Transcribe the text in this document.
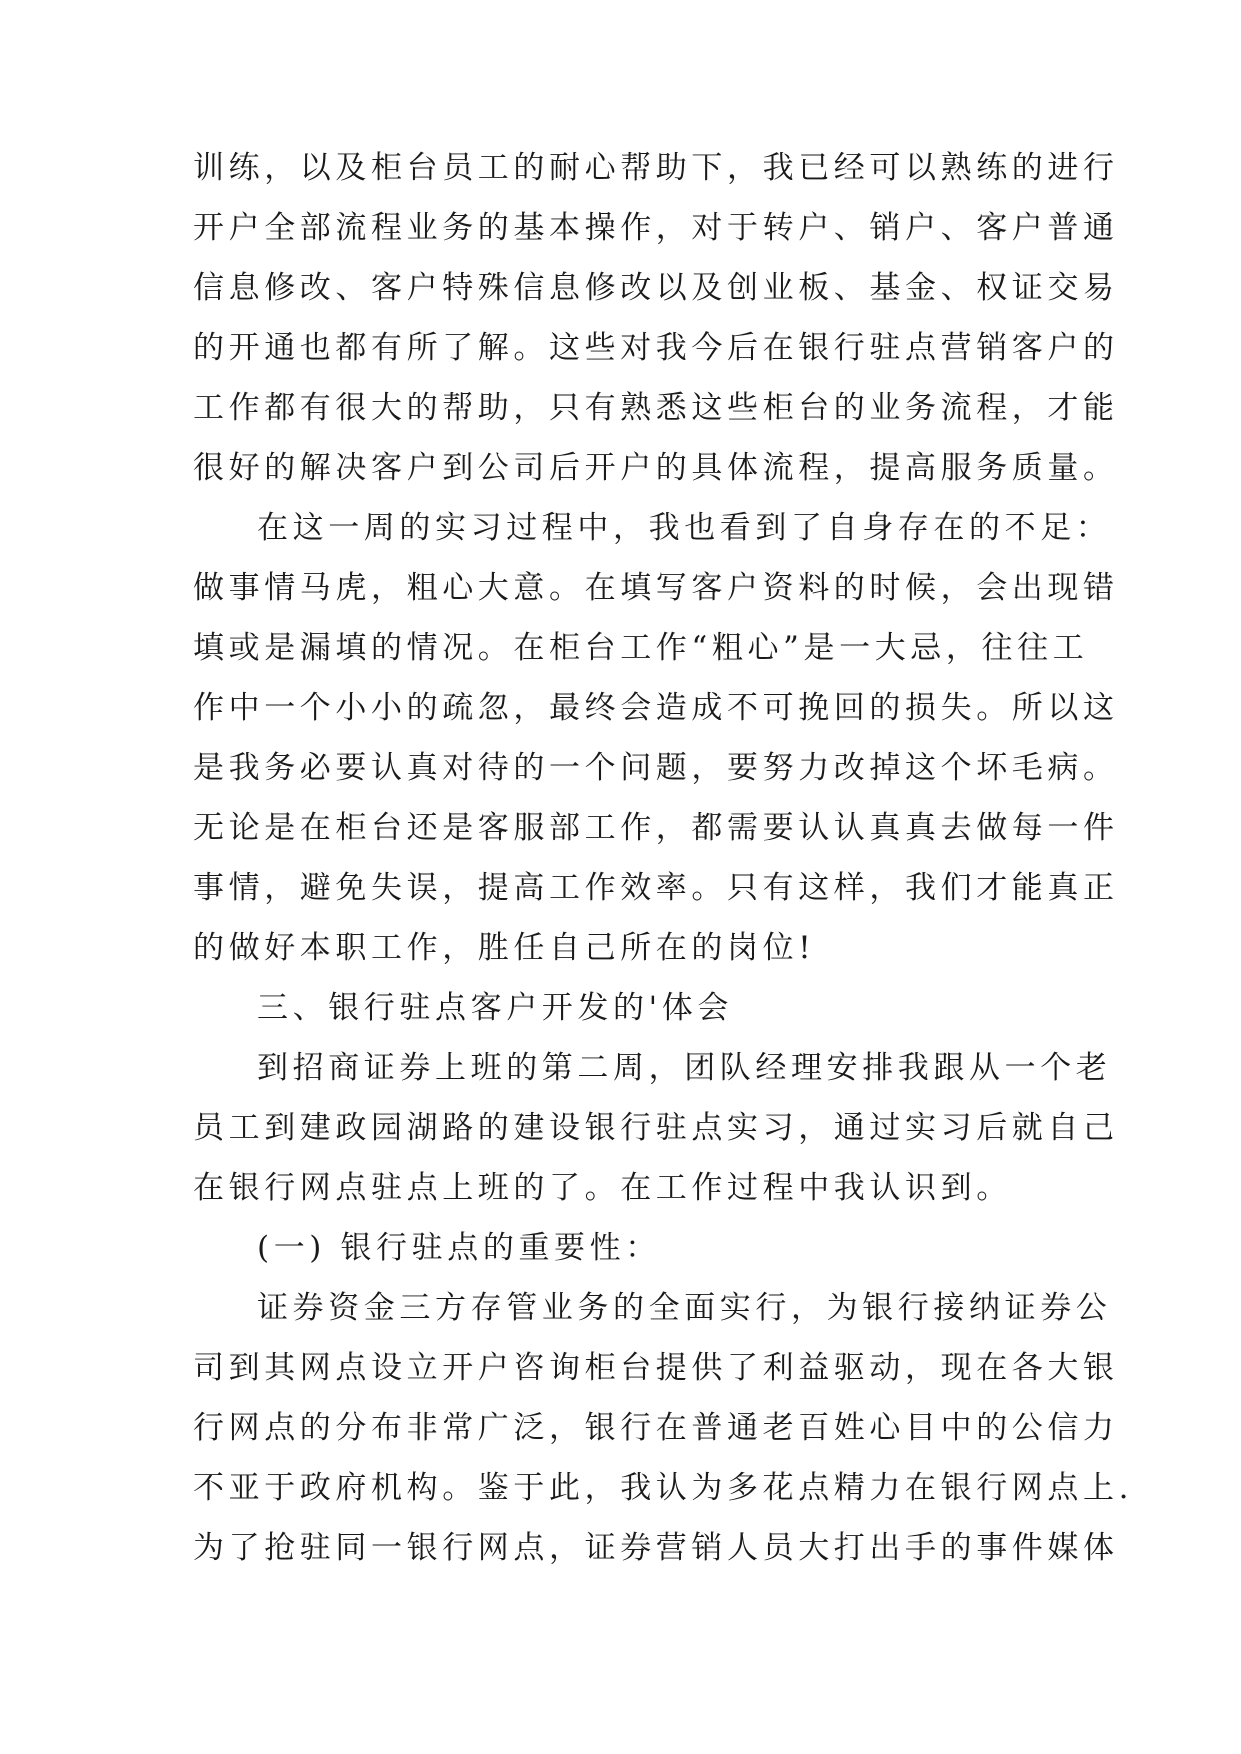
训练，以及柜台员工的耐心帮助下，我已经可以熟练的进行
开户全部流程业务的基本操作，对于转户、销户、客户普通
信息修改、客户特殊信息修改以及创业板、基金、权证交易
的开通也都有所了解。这些对我今后在银行驻点营销客户的
工作都有很大的帮助，只有熟悉这些柜台的业务流程，才能
很好的解决客户到公司后开户的具体流程，提高服务质量。
在这一周的实习过程中，我也看到了自身存在的不足：
做事情马虎，粗心大意。在填写客户资料的时候，会出现错
填或是漏填的情况。在柜台工作“粗心”是一大忌，往往工
作中一个小小的疏忽，最终会造成不可挽回的损失。所以这
是我务必要认真对待的一个问题，要努力改掉这个坏毛病。
无论是在柜台还是客服部工作，都需要认认真真去做每一件
事情，避免失误，提高工作效率。只有这样，我们才能真正
的做好本职工作，胜任自己所在的岗位!
三、银行驻点客户开发的'体会
到招商证券上班的第二周，团队经理安排我跟从一个老
员工到建政园湖路的建设银行驻点实习，通过实习后就自己
在银行网点驻点上班的了。在工作过程中我认识到。
(一) 银行驻点的重要性：
证券资金三方存管业务的全面实行，为银行接纳证券公
司到其网点设立开户咨询柜台提供了利益驱动，现在各大银
行网点的分布非常广泛，银行在普通老百姓心目中的公信力
不亚于政府机构。鉴于此，我认为多花点精力在银行网点上.
为了抢驻同一银行网点，证券营销人员大打出手的事件媒体
